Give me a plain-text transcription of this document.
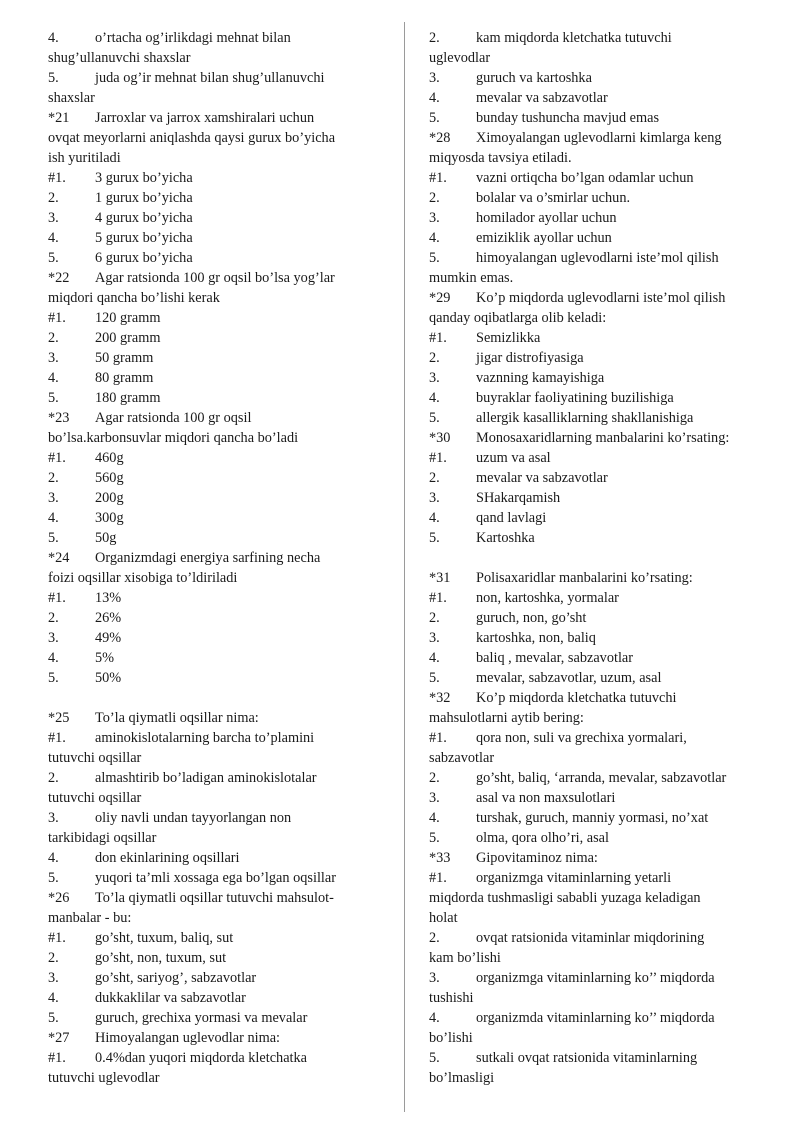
4.	o’rtacha og’irlikdagi mehnat bilan
shug’ullanuvchi shaxslar
5.	juda og’ir mehnat bilan shug’ullanuvchi
shaxslar
*21 Jarroxlar va jarrox xamshiralari uchun
ovqat meyorlarni aniqlashda qaysi gurux bo’yicha
ish yuritiladi
#1. 3 gurux bo’yicha
2.	1 gurux bo’yicha
3.	4 gurux bo’yicha
4.	5 gurux bo’yicha
5.	6 gurux bo’yicha
*22 Agar ratsionda 100 gr oqsil bo’lsa yog’lar
miqdori qancha bo’lishi kerak
#1. 120 gramm
2.	200 gramm
3.	50 gramm
4.	80 gramm
5.	180 gramm
*23 Agar ratsionda 100 gr oqsil
bo’lsa.karbonsuvlar miqdori qancha bo’ladi
#1. 460g
2.	560g
3.	200g
4.	300g
5.	50g
*24 Organizmdagi energiya sarfining necha
foizi oqsillar xisobiga to’ldiriladi
#1. 13%
2.	26%
3.	49%
4.	5%
5.	50%
*25 To’la qiymatli oqsillar nima:
#1. aminokislotalarning barcha to’plamini
tutuvchi oqsillar
2.	almashtirib bo’ladigan aminokislotalar
tutuvchi oqsillar
3.	oliy navli undan tayyorlangan non
tarkibidagi oqsillar
4.	don ekinlarining oqsillari
5.	yuqori ta’mli xossaga ega bo’lgan oqsillar
*26 To’la qiymatli oqsillar tutuvchi mahsulot-
manbalar - bu:
#1. go’sht, tuxum, baliq, sut
2.	go’sht, non, tuxum, sut
3.	go’sht, sariyog’, sabzavotlar
4.	dukkaklilar va sabzavotlar
5.	guruch, grechixa yormasi va mevalar
*27 Himoyalangan uglevodlar nima:
#1. 0.4%dan yuqori miqdorda kletchatka
tutuvchi uglevodlar
2.	kam miqdorda kletchatka tutuvchi
uglevodlar
3.	guruch va kartoshka
4.	mevalar va sabzavotlar
5.	bunday tushuncha mavjud emas
*28 Ximoyalangan uglevodlarni kimlarga keng
miqyosda tavsiya etiladi.
#1. vazni ortiqcha bo’lgan odamlar uchun
2.	bolalar va o’smirlar uchun.
3.	homilador ayollar uchun
4.	emiziklik ayollar uchun
5.	himoyalangan uglevodlarni iste’mol qilish
mumkin emas.
*29 Ko’p miqdorda uglevodlarni iste’mol qilish
qanday oqibatlarga olib keladi:
#1. Semizlikka
2.	jigar distrofiyasiga
3.	vaznning kamayishiga
4.	buyraklar faoliyatining buzilishiga
5.	allergik kasalliklarning shakllanishiga
*30 Monosaxaridlarning manbalarini ko’rsating:
#1. uzum va asal
2.	mevalar va sabzavotlar
3.	SHakarqamish
4.	qand lavlagi
5.	Kartoshka
*31 Polisaxaridlar manbalarini ko’rsating:
#1. non, kartoshka, yormalar
2.	guruch, non, go’sht
3.	kartoshka, non, baliq
4.	baliq , mevalar, sabzavotlar
5.	mevalar, sabzavotlar, uzum, asal
*32 Ko’p miqdorda kletchatka tutuvchi
mahsulotlarni aytib bering:
#1. qora non, suli va grechixa yormalari,
sabzavotlar
2.	go’sht, baliq, ‘arranda, mevalar, sabzavotlar
3.	asal va non maxsulotlari
4.	turshak, guruch, manniy yormasi, no’xat
5.	olma, qora olho’ri, asal
*33 Gipovitaminoz nima:
#1. organizmga vitaminlarning yetarli
miqdorda tushmasligi sababli yuzaga keladigan
holat
2.	ovqat ratsionida vitaminlar miqdorining
kam bo’lishi
3.	organizmga vitaminlarning ko’’ miqdorda
tushishi
4.	organizmda vitaminlarning ko’’ miqdorda
bo’lishi
5.	sutkali ovqat ratsionida vitaminlarning
bo’lmasligi
